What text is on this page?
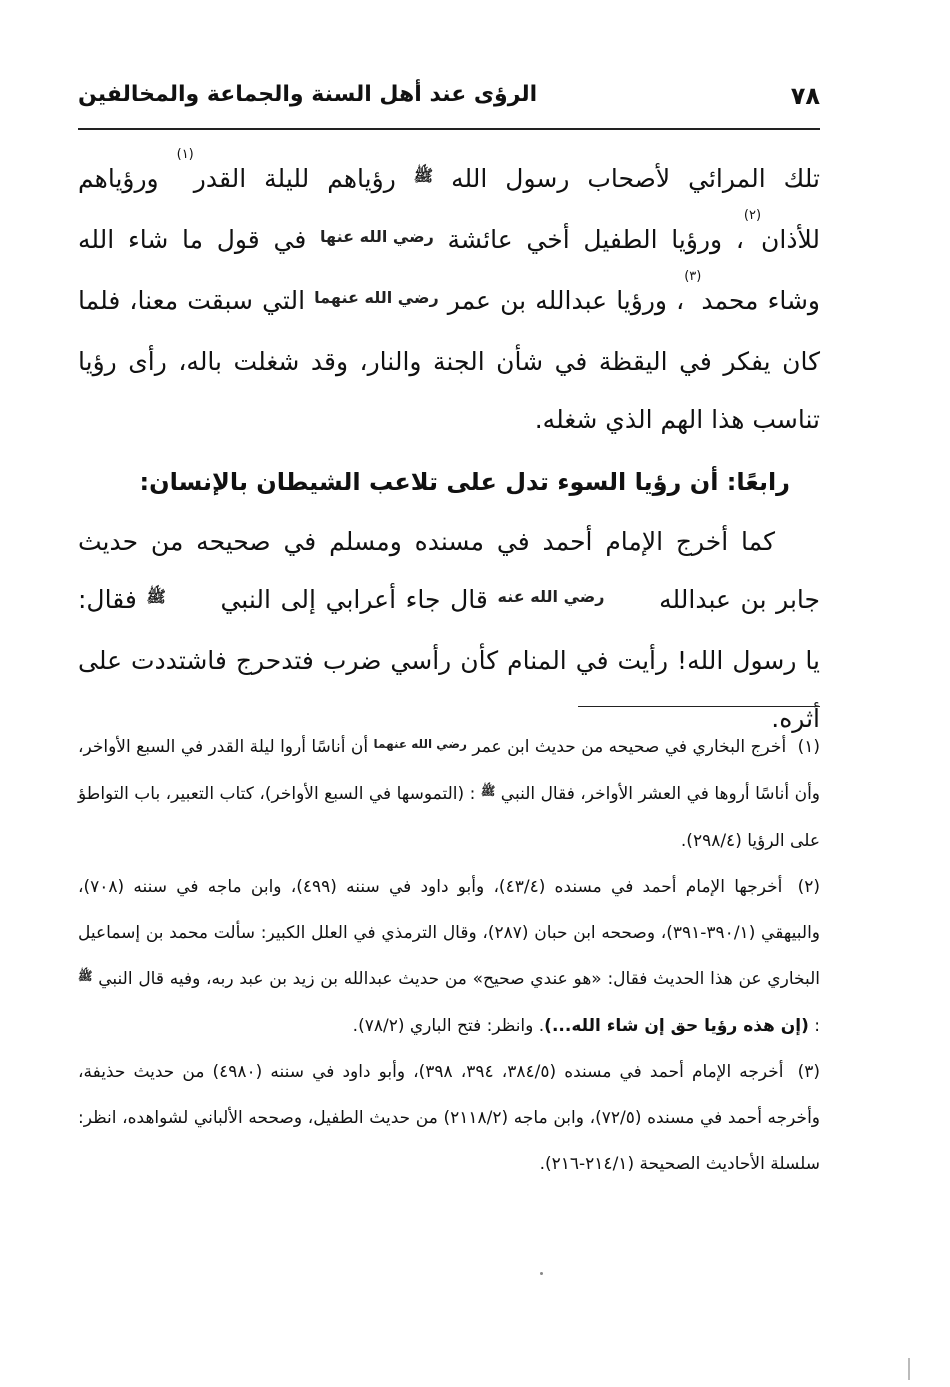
٧٨
الرؤى عند أهل السنة والجماعة والمخالفين

تلك المرائي لأصحاب رسول الله ﷺ رؤياهم لليلة القدر$^{(١)}$ ورؤياهم للأذان$^{(٢)}$، ورؤيا الطفيل أخي عائشة رضي الله عنها في قول ما شاء الله وشاء محمد$^{(٣)}$، ورؤيا عبدالله بن عمر رضي الله عنهما التي سبقت معنا، فلما كان يفكر في اليقظة في شأن الجنة والنار، وقد شغلت باله، رأى رؤيا تناسب هذا الهم الذي شغله.

رابعًا: أن رؤيا السوء تدل على تلاعب الشيطان بالإنسان:

كما أخرج الإمام أحمد في مسنده ومسلم في صحيحه من حديث جابر بن عبدالله رضي الله عنه قال جاء أعرابي إلى النبي ﷺ فقال: يا رسول الله! رأيت في المنام كأن رأسي ضرب فتدحرج فاشتددت على أثره.

(١) أخرج البخاري في صحيحه من حديث ابن عمر رضي الله عنهما أن أناسًا أروا ليلة القدر في السبع الأواخر، وأن أناسًا أروها في العشر الأواخر، فقال النبي ﷺ : (التموسها في السبع الأواخر)، كتاب التعبير، باب التواطؤ على الرؤيا (٢٩٨/٤).

(٢) أخرجها الإمام أحمد في مسنده (٤٣/٤)، وأبو داود في سننه (٤٩٩)، وابن ماجه في سننه (٧٠٨)، والبيهقي (٣٩٠/١-٣٩١)، وصححه ابن حبان (٢٨٧)، وقال الترمذي في العلل الكبير: سألت محمد بن إسماعيل البخاري عن هذا الحديث فقال: «هو عندي صحيح» من حديث عبدالله بن زيد بن عبد ربه، وفيه قال النبي ﷺ : (إن هذه رؤيا حق إن شاء الله...). وانظر: فتح الباري (٧٨/٢).

(٣) أخرجه الإمام أحمد في مسنده (٣٨٤/٥، ٣٩٤، ٣٩٨)، وأبو داود في سننه (٤٩٨٠) من حديث حذيفة، وأخرجه أحمد في مسنده (٧٢/٥)، وابن ماجه (٢١١٨/٢) من حديث الطفيل، وصححه الألباني لشواهده، انظر: سلسلة الأحاديث الصحيحة (٢١٤/١-٢١٦).
